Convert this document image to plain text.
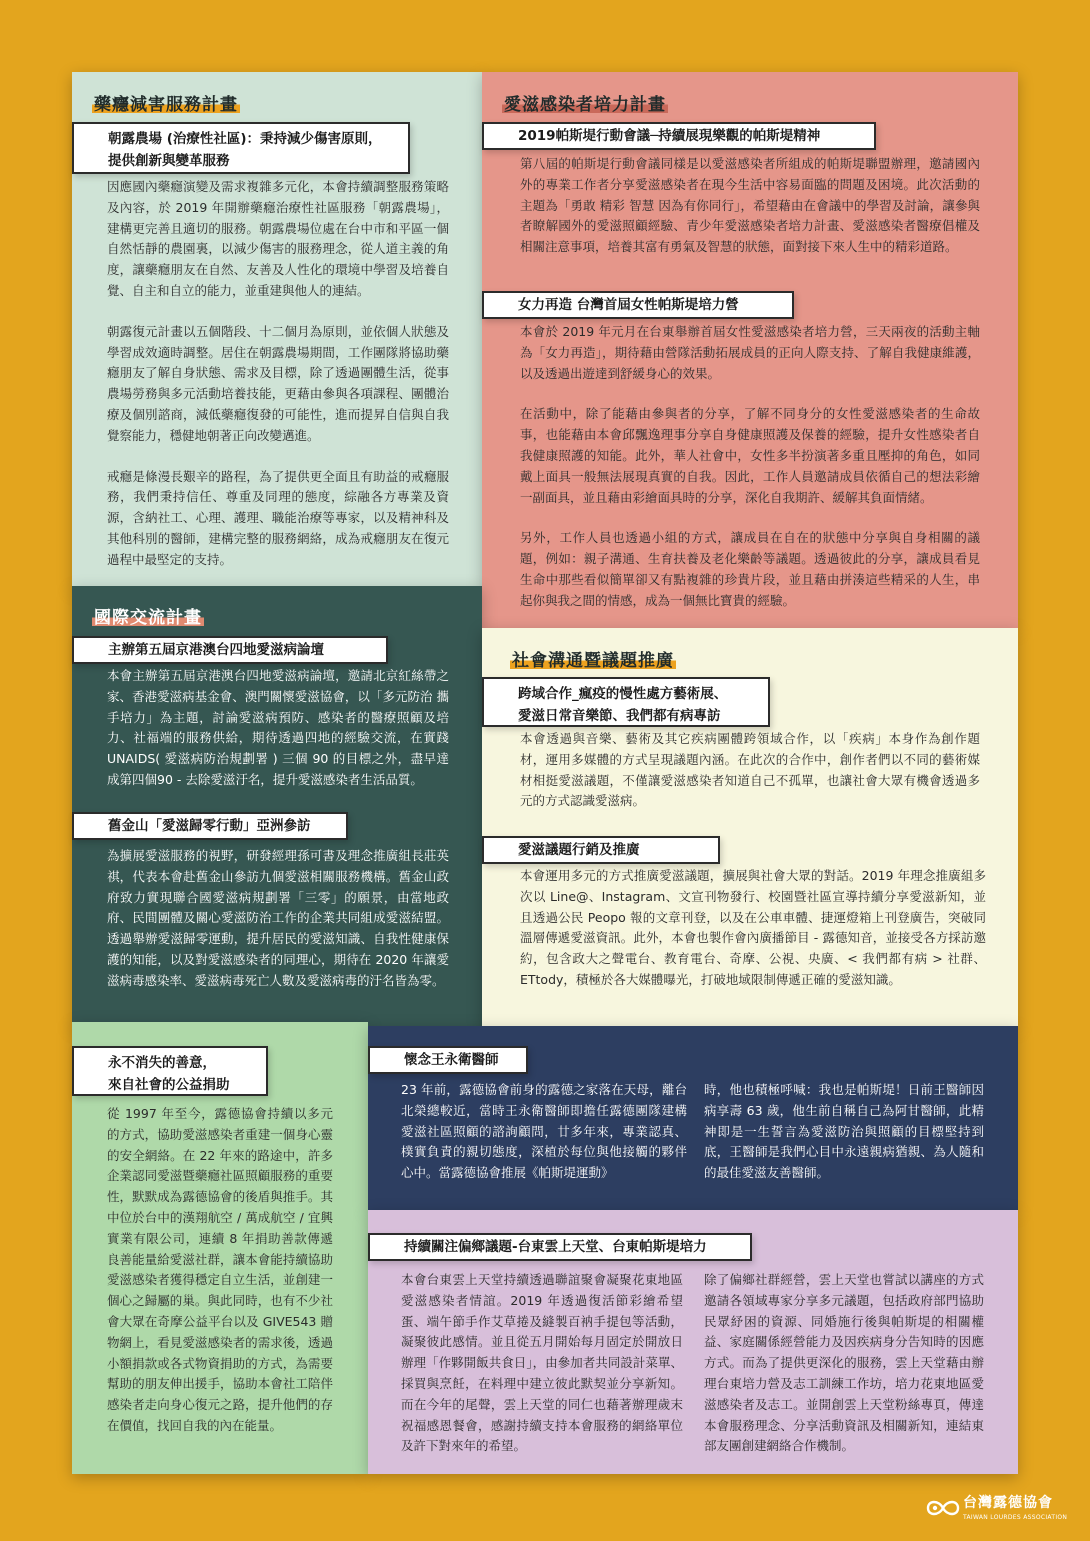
藥癮減害服務計畫
朝露農場 (治療性社區)：秉持減少傷害原則，
提供創新與變革服務

因應國內藥癮演變及需求複雜多元化，本會持續調整服務策略及內容，於 2019 年開辦藥癮治療性社區服務「朝露農場」，建構更完善且適切的服務。朝露農場位處在台中市和平區一個自然恬靜的農園裏，以減少傷害的服務理念，從人道主義的角度，讓藥癮朋友在自然、友善及人性化的環境中學習及培養自覺、自主和自立的能力，並重建與他人的連結。

朝露復元計畫以五個階段、十二個月為原則，並依個人狀態及學習成效適時調整。居住在朝露農場期間，工作團隊將協助藥癮朋友了解自身狀態、需求及目標，除了透過團體生活，從事農場勞務與多元活動培養技能，更藉由參與各項課程、團體治療及個別諮商，減低藥癮復發的可能性，進而提昇自信與自我覺察能力，穩健地朝著正向改變邁進。

戒癮是條漫長艱辛的路程，為了提供更全面且有助益的戒癮服務，我們秉持信任、尊重及同理的態度，綜融各方專業及資源，含納社工、心理、護理、職能治療等專家，以及精神科及其他科別的醫師，建構完整的服務網絡，成為戒癮朋友在復元過程中最堅定的支持。

愛滋感染者培力計畫
2019帕斯堤行動會議─持續展現樂觀的帕斯堤精神
第八屆的帕斯堤行動會議同樣是以愛滋感染者所組成的帕斯堤聯盟辦理，邀請國內外的專業工作者分享愛滋感染者在現今生活中容易面臨的問題及困境。此次活動的主題為「勇敢 精彩 智慧 因為有你同行」，希望藉由在會議中的學習及討論，讓參與者瞭解國外的愛滋照顧經驗、青少年愛滋感染者培力計畫、愛滋感染者醫療倡權及相關注意事項，培養其富有勇氣及智慧的狀態，面對接下來人生中的精彩道路。
女力再造 台灣首屆女性帕斯堤培力營

本會於 2019 年元月在台東舉辦首屆女性愛滋感染者培力營，三天兩夜的活動主軸為「女力再造」，期待藉由營隊活動拓展成員的正向人際支持、了解自我健康維護，以及透過出遊達到舒緩身心的效果。

在活動中，除了能藉由參與者的分享，了解不同身分的女性愛滋感染者的生命故事，也能藉由本會邱飄逸理事分享自身健康照護及保養的經驗，提升女性感染者自我健康照護的知能。此外，華人社會中，女性多半扮演著多重且壓抑的角色，如同戴上面具一般無法展現真實的自我。因此，工作人員邀請成員依循自己的想法彩繪一副面具，並且藉由彩繪面具時的分享，深化自我期許、緩解其負面情緒。

另外，工作人員也透過小組的方式，讓成員在自在的狀態中分享與自身相關的議題，例如：親子溝通、生育扶養及老化樂齡等議題。透過彼此的分享，讓成員看見生命中那些看似簡單卻又有點複雜的珍貴片段，並且藉由拼湊這些精采的人生，串起你與我之間的情感，成為一個無比寶貴的經驗。

國際交流計畫
主辦第五屆京港澳台四地愛滋病論壇
本會主辦第五屆京港澳台四地愛滋病論壇，邀請北京紅絲帶之家、香港愛滋病基金會、澳門關懷愛滋協會，以「多元防治 攜手培力」為主題，討論愛滋病預防、感染者的醫療照顧及培力、社福端的服務供給，期待透過四地的經驗交流，在實踐 UNAIDS( 愛滋病防治規劃署 ) 三個 90 的目標之外，盡早達成第四個90 - 去除愛滋汙名，提升愛滋感染者生活品質。
舊金山「愛滋歸零行動」亞洲參訪
為擴展愛滋服務的視野，研發經理孫可書及理念推廣組長莊英祺，代表本會赴舊金山參訪九個愛滋相關服務機構。舊金山政府致力實現聯合國愛滋病規劃署「三零」的願景，由當地政府、民間團體及關心愛滋防治工作的企業共同組成愛滋結盟。透過舉辦愛滋歸零運動，提升居民的愛滋知識、自我性健康保護的知能，以及對愛滋感染者的同理心，期待在 2020 年讓愛滋病毒感染率、愛滋病毒死亡人數及愛滋病毒的汙名皆為零。
社會溝通暨議題推廣
跨域合作_瘋疫的慢性處方藝術展、
愛滋日常音樂節、我們都有病專訪
本會透過與音樂、藝術及其它疾病團體跨領域合作，以「疾病」本身作為創作題材，運用多媒體的方式呈現議題內涵。在此次的合作中，創作者們以不同的藝術媒材相挺愛滋議題，不僅讓愛滋感染者知道自己不孤單，也讓社會大眾有機會透過多元的方式認識愛滋病。
愛滋議題行銷及推廣
本會運用多元的方式推廣愛滋議題，擴展與社會大眾的對話。2019 年理念推廣組多次以 Line@、Instagram、文宣刊物發行、校園暨社區宣導持續分享愛滋新知，並且透過公民 Peopo 報的文章刊登，以及在公車車體、捷運燈箱上刊登廣告，突破同溫層傳遞愛滋資訊。此外，本會也製作會內廣播節目 - 露德知音，並接受各方採訪邀約，包含政大之聲電台、教育電台、奇摩、公視、央廣、< 我們都有病 > 社群、ETtody，積極於各大媒體曝光，打破地域限制傳遞正確的愛滋知識。
永不消失的善意，
來自社會的公益捐助
從 1997 年至今，露德協會持續以多元的方式，協助愛滋感染者重建一個身心靈的安全網絡。在 22 年來的路途中，許多企業認同愛滋暨藥癮社區照顧服務的重要性，默默成為露德協會的後盾與推手。其中位於台中的漢翔航空 / 萬成航空 / 宜興實業有限公司，連續 8 年捐助善款傳遞良善能量給愛滋社群，讓本會能持續協助愛滋感染者獲得穩定自立生活，並創建一個心之歸屬的巢。與此同時，也有不少社會大眾在奇摩公益平台以及 GIVE543 贈物網上，看見愛滋感染者的需求後，透過小額捐款或各式物資捐助的方式，為需要幫助的朋友伸出援手，協助本會社工陪伴感染者走向身心復元之路，提升他們的存在價值，找回自我的內在能量。
懷念王永衛醫師
23 年前，露德協會前身的露德之家落在天母，離台北榮總較近，當時王永衛醫師即擔任露德團隊建構愛滋社區照顧的諮詢顧問，廿多年來，專業認真、樸實負責的親切態度，深植於每位與他接觸的夥伴心中。當露德協會推展《帕斯堤運動》
時，他也積極呼喊：我也是帕斯堤！日前王醫師因病享壽 63 歲，他生前自稱自己為阿甘醫師，此精神即是一生誓言為愛滋防治與照顧的目標堅持到底，王醫師是我們心目中永遠親病猶親、為人隨和的最佳愛滋友善醫師。
持續關注偏鄉議題-台東雲上天堂、台東帕斯堤培力
本會台東雲上天堂持續透過聯誼聚會凝聚花東地區愛滋感染者情誼。2019 年透過復活節彩繪希望蛋、端午節手作艾草捲及縫製百衲手提包等活動，凝聚彼此感情。並且從五月開始每月固定於開放日辦理「作夥開飯共食日」，由參加者共同設計菜單、採買與烹飪，在料理中建立彼此默契並分享新知。而在今年的尾聲，雲上天堂的同仁也藉著辦理歲末祝福感恩餐會，感謝持續支持本會服務的網絡單位及許下對來年的希望。
除了偏鄉社群經營，雲上天堂也嘗試以講座的方式邀請各領域專家分享多元議題，包括政府部門協助民眾紓困的資源、同婚施行後與帕斯堤的相關權益、家庭關係經營能力及因疾病身分告知時的因應方式。而為了提供更深化的服務，雲上天堂藉由辦理台東培力營及志工訓練工作坊，培力花東地區愛滋感染者及志工。並開創雲上天堂粉絲專頁，傳達本會服務理念、分享活動資訊及相關新知，連結東部友團創建網絡合作機制。
台灣露德協會
TAIWAN LOURDES ASSOCIATION
